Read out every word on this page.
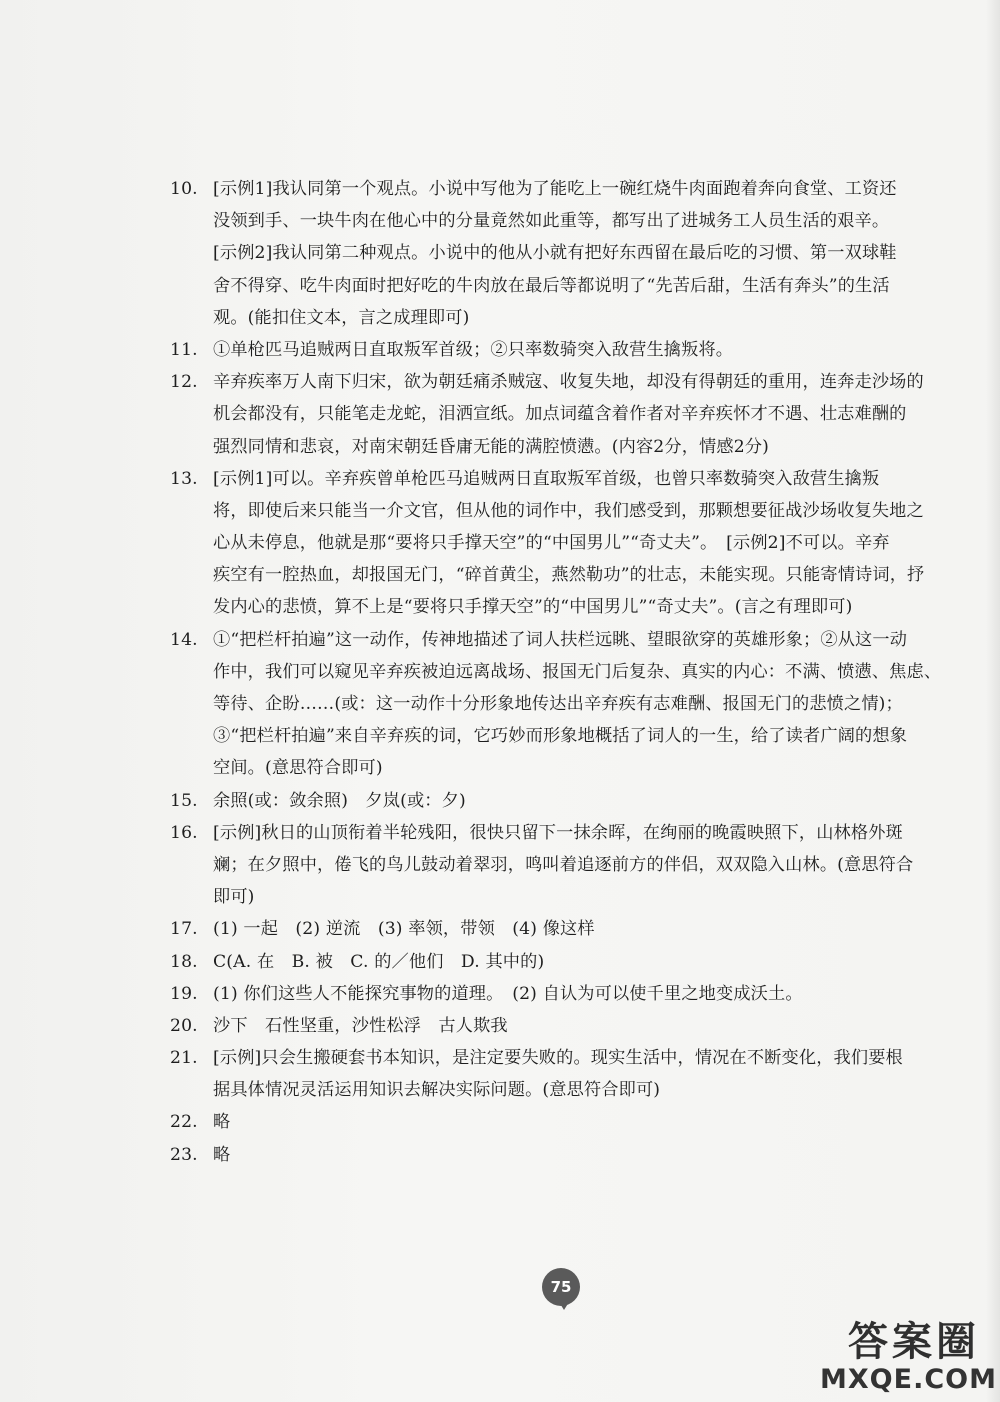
10. [示例1]我认同第一个观点。小说中写他为了能吃上一碗红烧牛肉面跑着奔向食堂、工资还
没领到手、一块牛肉在他心中的分量竟然如此重等，都写出了进城务工人员生活的艰辛。
[示例2]我认同第二种观点。小说中的他从小就有把好东西留在最后吃的习惯、第一双球鞋
舍不得穿、吃牛肉面时把好吃的牛肉放在最后等都说明了“先苦后甜，生活有奔头”的生活
观。(能扣住文本，言之成理即可)
11. ①单枪匹马追贼两日直取叛军首级；②只率数骑突入敌营生擒叛将。
12. 辛弃疾率万人南下归宋，欲为朝廷痛杀贼寇、收复失地，却没有得朝廷的重用，连奔走沙场的
机会都没有，只能笔走龙蛇，泪洒宣纸。加点词蕴含着作者对辛弃疾怀才不遇、壮志难酬的
强烈同情和悲哀，对南宋朝廷昏庸无能的满腔愤懑。(内容2分，情感2分)
13. [示例1]可以。辛弃疾曾单枪匹马追贼两日直取叛军首级，也曾只率数骑突入敌营生擒叛
将，即使后来只能当一介文官，但从他的词作中，我们感受到，那颗想要征战沙场收复失地之
心从未停息，他就是那“要将只手撑天空”的“中国男儿”“奇丈夫”。　[示例2]不可以。辛弃
疾空有一腔热血，却报国无门，“碎首黄尘，燕然勒功”的壮志，未能实现。只能寄情诗词，抒
发内心的悲愤，算不上是“要将只手撑天空”的“中国男儿”“奇丈夫”。(言之有理即可)
14. ①“把栏杆拍遍”这一动作，传神地描述了词人扶栏远眺、望眼欲穿的英雄形象；②从这一动
作中，我们可以窥见辛弃疾被迫远离战场、报国无门后复杂、真实的内心：不满、愤懑、焦虑、
等待、企盼……(或：这一动作十分形象地传达出辛弃疾有志难酬、报国无门的悲愤之情)；
③“把栏杆拍遍”来自辛弃疾的词，它巧妙而形象地概括了词人的一生，给了读者广阔的想象
空间。(意思符合即可)
15. 余照(或：敛余照)　夕岚(或：夕)
16. [示例]秋日的山顶衔着半轮残阳，很快只留下一抹余晖，在绚丽的晚霞映照下，山林格外斑
斓；在夕照中，倦飞的鸟儿鼓动着翠羽，鸣叫着追逐前方的伴侣，双双隐入山林。(意思符合
即可)
17. (1) 一起　(2) 逆流　(3) 率领，带领　(4) 像这样
18. C(A. 在　B. 被　C. 的／他们　D. 其中的)
19. (1) 你们这些人不能探究事物的道理。　(2) 自认为可以使千里之地变成沃土。
20. 沙下　石性坚重，沙性松浮　古人欺我
21. [示例]只会生搬硬套书本知识，是注定要失败的。现实生活中，情况在不断变化，我们要根
据具体情况灵活运用知识去解决实际问题。(意思符合即可)
22. 略
23. 略
75
答案圈
MXQE.COM
